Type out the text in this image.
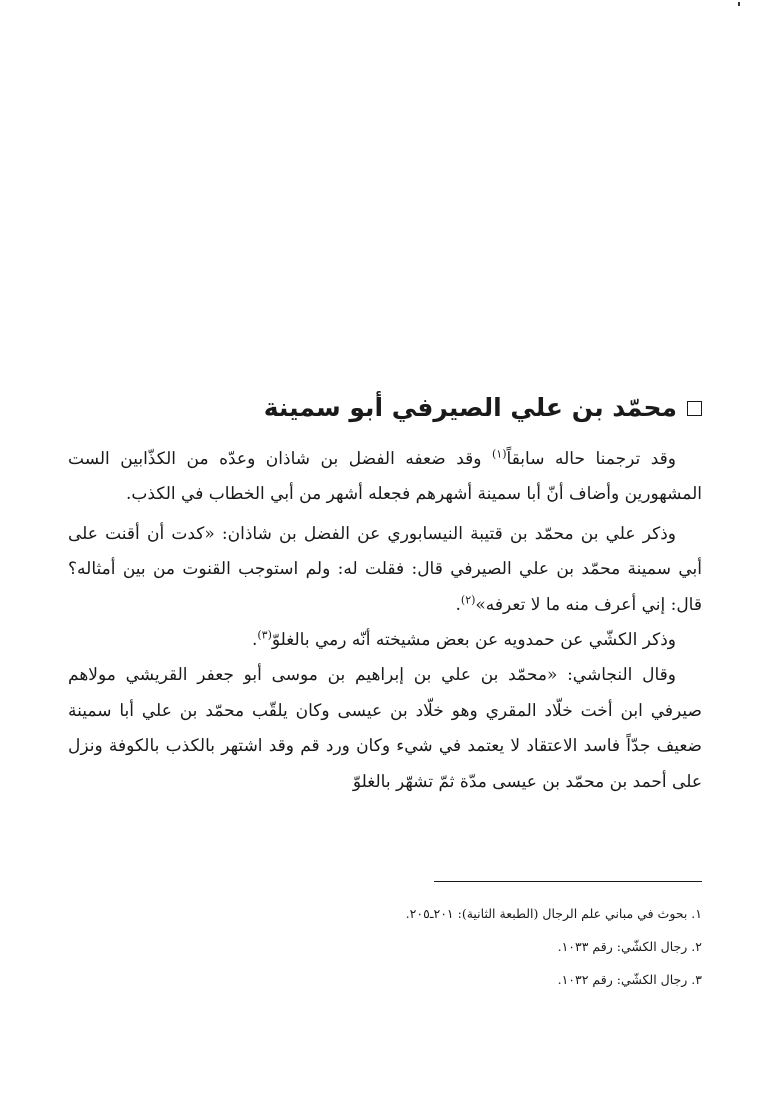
محمّد بن علي الصيرفي أبو سمينة

وقد ترجمنا حاله سابقاً$^{(١)}$ وقد ضعفه الفضل بن شاذان وعدّه من الكذّابين الست المشهورين وأضاف أنّ أبا سمينة أشهرهم فجعله أشهر من أبي الخطاب في الكذب.

وذكر علي بن محمّد بن قتيبة النيسابوري عن الفضل بن شاذان: «كدت أن أقنت على أبي سمينة محمّد بن علي الصيرفي قال: فقلت له: ولم استوجب القنوت من بين أمثاله؟ قال: إني أعرف منه ما لا تعرفه»$^{(٢)}$.

وذكر الكشّي عن حمدويه عن بعض مشيخته أنّه رمي بالغلوّ$^{(٣)}$.

وقال النجاشي: «محمّد بن علي بن إبراهيم بن موسى أبو جعفر القريشي مولاهم صيرفي ابن أخت خلّاد المقري وهو خلّاد بن عيسى وكان يلقّب محمّد بن علي أبا سمينة ضعيف جدّاً فاسد الاعتقاد لا يعتمد في شيء وكان ورد قم وقد اشتهر بالكذب بالكوفة ونزل على أحمد بن محمّد بن عيسى مدّة ثمّ تشهّر بالغلوّ

١. بحوث في مباني علم الرجال (الطبعة الثانية): ٢٠١ـ٢٠٥.
٢. رجال الكشّي: رقم ١٠٣٣.
٣. رجال الكشّي: رقم ١٠٣٢.
